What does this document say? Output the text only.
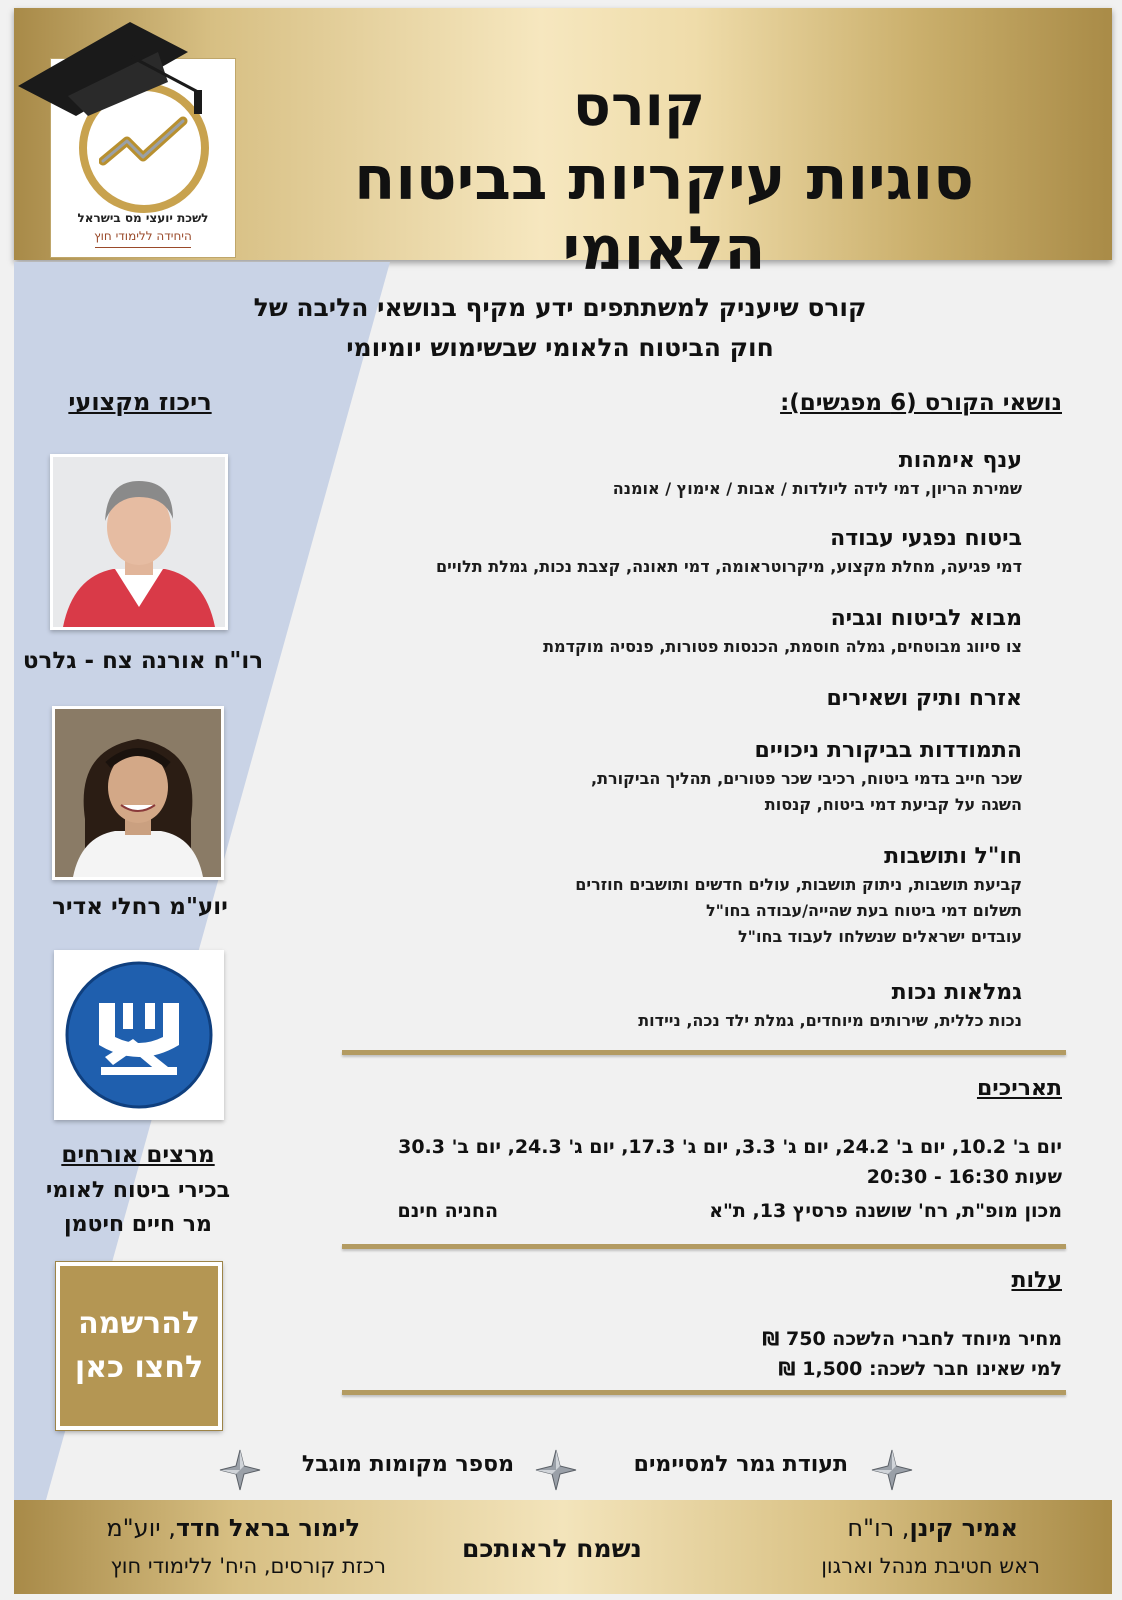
לשכת יועצי מס בישראל
היחידה ללימודי חוץ
קורס
סוגיות עיקריות בביטוח הלאומי
קורס שיעניק למשתתפים ידע מקיף בנושאי הליבה של
חוק הביטוח הלאומי שבשימוש יומיומי
נושאי הקורס (6 מפגשים):
ענף אימהות
שמירת הריון, דמי לידה ליולדות / אבות / אימוץ / אומנה
ביטוח נפגעי עבודה
דמי פגיעה, מחלת מקצוע, מיקרוטראומה, דמי תאונה, קצבת נכות, גמלת תלויים
מבוא לביטוח וגביה
צו סיווג מבוטחים, גמלה חוסמת, הכנסות פטורות, פנסיה מוקדמת
אזרח ותיק ושאירים
התמודדות בביקורת ניכויים
שכר חייב בדמי ביטוח, רכיבי שכר פטורים, תהליך הביקורת,
השגה על קביעת דמי ביטוח, קנסות
חו"ל ותושבות
קביעת תושבות, ניתוק תושבות, עולים חדשים ותושבים חוזרים
תשלום דמי ביטוח בעת שהייה/עבודה בחו"ל
עובדים ישראלים שנשלחו לעבוד בחו"ל
גמלאות נכות
נכות כללית, שירותים מיוחדים, גמלת ילד נכה, ניידות
תאריכים
יום ב' 10.2, יום ב' 24.2, יום ג' 3.3, יום ג' 17.3, יום ג' 24.3, יום ב' 30.3
שעות 16:30 - 20:30
מכון מופ"ת, רח' שושנה פרסיץ 13, ת"א
החניה חינם
עלות
מחיר מיוחד לחברי הלשכה 750 ₪
למי שאינו חבר לשכה: 1,500 ₪
ריכוז מקצועי
רו"ח אורנה צח - גלרט
יוע"מ רחלי אדיר
מרצים אורחים
בכירי ביטוח לאומי
מר חיים חיטמן
להרשמה
לחצו כאן
תעודת גמר למסיימים
מספר מקומות מוגבל
אמיר קינן, רו"ח
ראש חטיבת מנהל וארגון
נשמח לראותכם
לימור בראל חדד, יוע"מ
רכזת קורסים, היח' ללימודי חוץ
